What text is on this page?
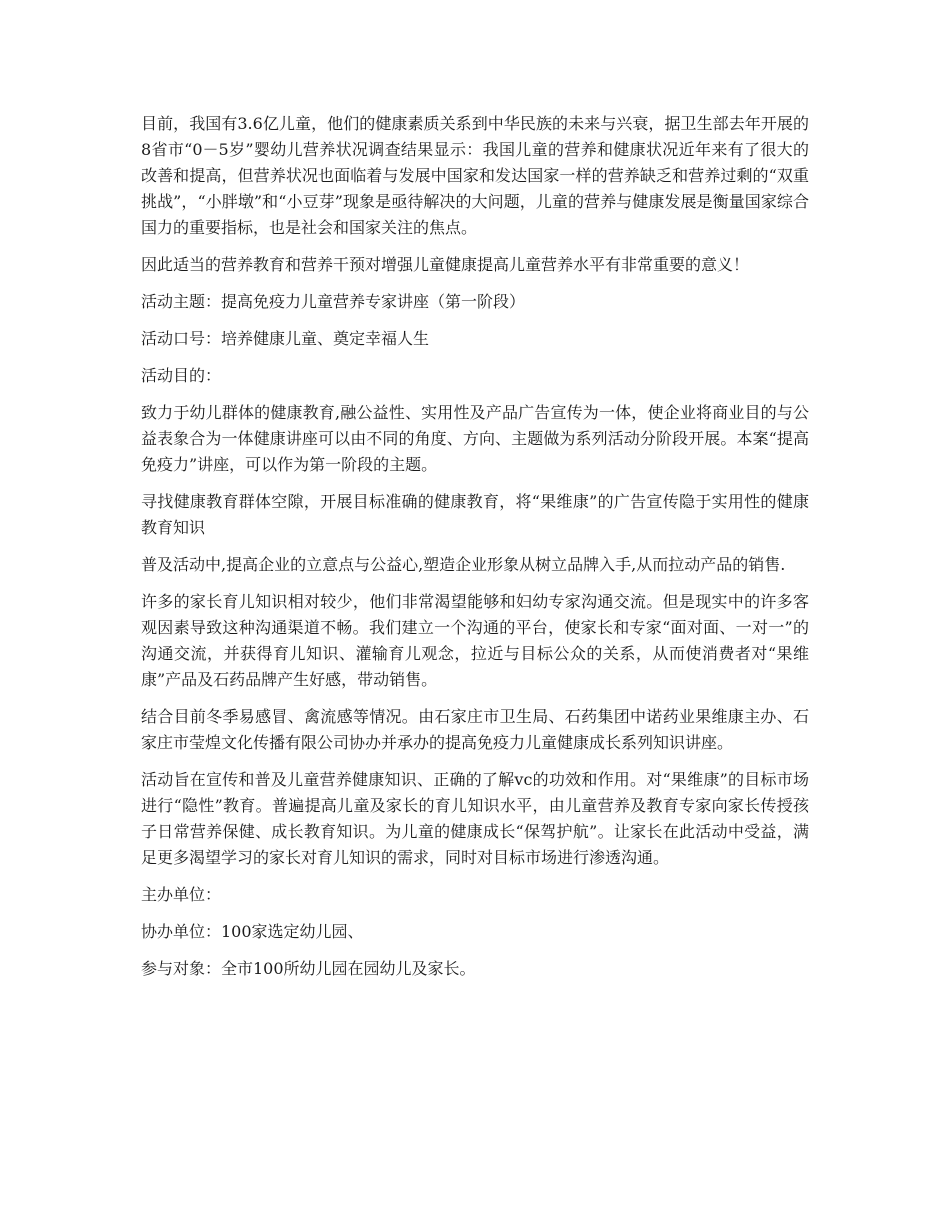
目前，我国有3.6亿儿童，他们的健康素质关系到中华民族的未来与兴衰，据卫生部去年开展的8省市“0－5岁”婴幼儿营养状况调查结果显示：我国儿童的营养和健康状况近年来有了很大的改善和提高，但营养状况也面临着与发展中国家和发达国家一样的营养缺乏和营养过剩的“双重挑战”，“小胖墩”和“小豆芽”现象是亟待解决的大问题，儿童的营养与健康发展是衡量国家综合国力的重要指标，也是社会和国家关注的焦点。

因此适当的营养教育和营养干预对增强儿童健康提高儿童营养水平有非常重要的意义！

活动主题：提高免疫力儿童营养专家讲座（第一阶段）

活动口号：培养健康儿童、奠定幸福人生

活动目的：

致力于幼儿群体的健康教育,融公益性、实用性及产品广告宣传为一体，使企业将商业目的与公益表象合为一体健康讲座可以由不同的角度、方向、主题做为系列活动分阶段开展。本案“提高免疫力”讲座，可以作为第一阶段的主题。

寻找健康教育群体空隙，开展目标准确的健康教育，将“果维康”的广告宣传隐于实用性的健康教育知识

普及活动中,提高企业的立意点与公益心,塑造企业形象从树立品牌入手,从而拉动产品的销售.

许多的家长育儿知识相对较少，他们非常渴望能够和妇幼专家沟通交流。但是现实中的许多客观因素导致这种沟通渠道不畅。我们建立一个沟通的平台，使家长和专家“面对面、一对一”的沟通交流，并获得育儿知识、灌输育儿观念，拉近与目标公众的关系，从而使消费者对“果维康”产品及石药品牌产生好感，带动销售。

结合目前冬季易感冒、禽流感等情况。由石家庄市卫生局、石药集团中诺药业果维康主办、石家庄市莹煌文化传播有限公司协办并承办的提高免疫力儿童健康成长系列知识讲座。

活动旨在宣传和普及儿童营养健康知识、正确的了解vc的功效和作用。对“果维康”的目标市场进行“隐性”教育。普遍提高儿童及家长的育儿知识水平，由儿童营养及教育专家向家长传授孩子日常营养保健、成长教育知识。为儿童的健康成长“保驾护航”。让家长在此活动中受益，满足更多渴望学习的家长对育儿知识的需求，同时对目标市场进行渗透沟通。

主办单位：

协办单位：100家选定幼儿园、

参与对象：全市100所幼儿园在园幼儿及家长。
